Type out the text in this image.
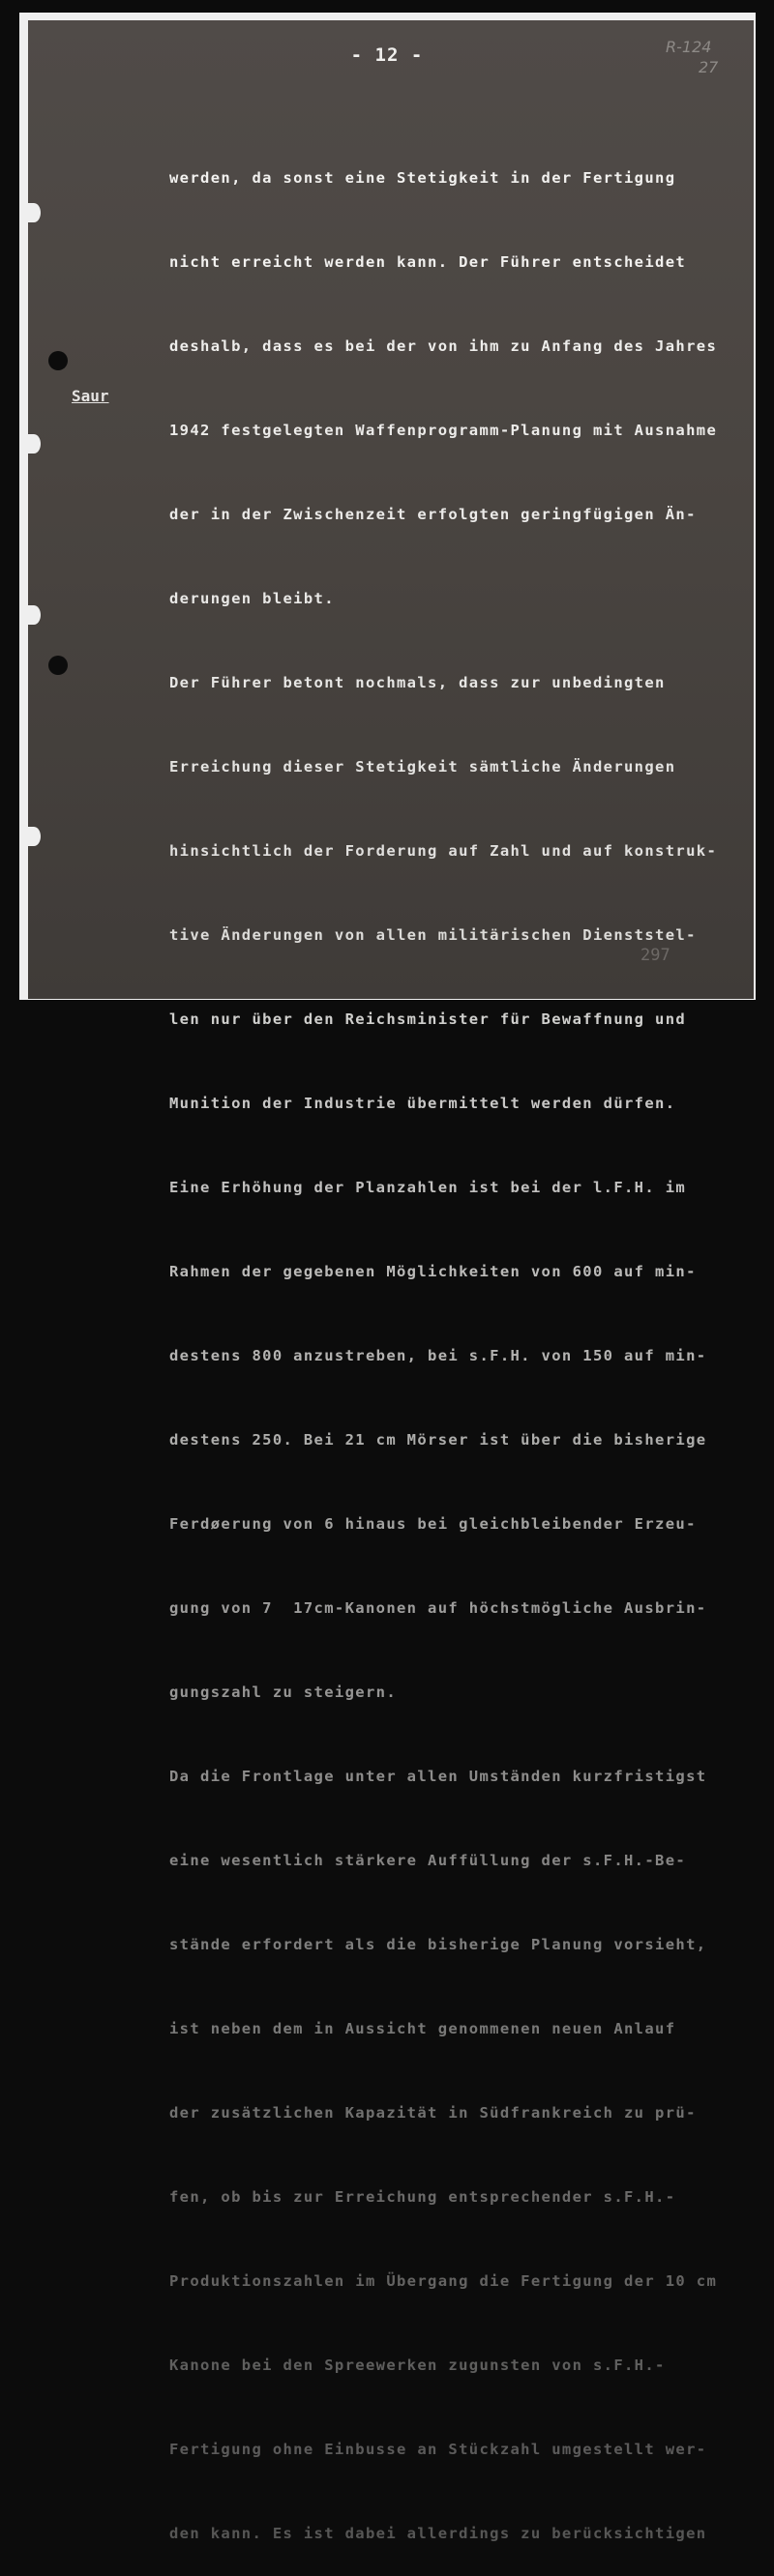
- 12 -	R-124
27
Saur

werden, da sonst eine Stetigkeit in der Fertigung

nicht erreicht werden kann. Der Führer entscheidet

deshalb, dass es bei der von ihm zu Anfang des Jahres

1942 festgelegten Waffenprogramm-Planung mit Ausnahme

der in der Zwischenzeit erfolgten geringfügigen Än-

derungen bleibt.

Der Führer betont nochmals, dass zur unbedingten

Erreichung dieser Stetigkeit sämtliche Änderungen

hinsichtlich der Forderung auf Zahl und auf konstruk-

tive Änderungen von allen militärischen Dienststel-

len nur über den Reichsminister für Bewaffnung und

Munition der Industrie übermittelt werden dürfen.

Eine Erhöhung der Planzahlen ist bei der l.F.H. im

Rahmen der gegebenen Möglichkeiten von 600 auf min-

destens 800 anzustreben, bei s.F.H. von 150 auf min-

destens 250. Bei 21 cm Mörser ist über die bisherige

Ferdøerung von 6 hinaus bei gleichbleibender Erzeu-

gung von 7  17cm-Kanonen auf höchstmögliche Ausbrin-

gungszahl zu steigern.

Da die Frontlage unter allen Umständen kurzfristigst

eine wesentlich stärkere Auffüllung der s.F.H.-Be-

stände erfordert als die bisherige Planung vorsieht,

ist neben dem in Aussicht genommenen neuen Anlauf

der zusätzlichen Kapazität in Südfrankreich zu prü-

fen, ob bis zur Erreichung entsprechender s.F.H.-

Produktionszahlen im Übergang die Fertigung der 10 cm

Kanone bei den Spreewerken zugunsten von s.F.H.-

Fertigung ohne Einbusse an Stückzahl umgestellt wer-

den kann. Es ist dabei allerdings zu berücksichtigen

297
